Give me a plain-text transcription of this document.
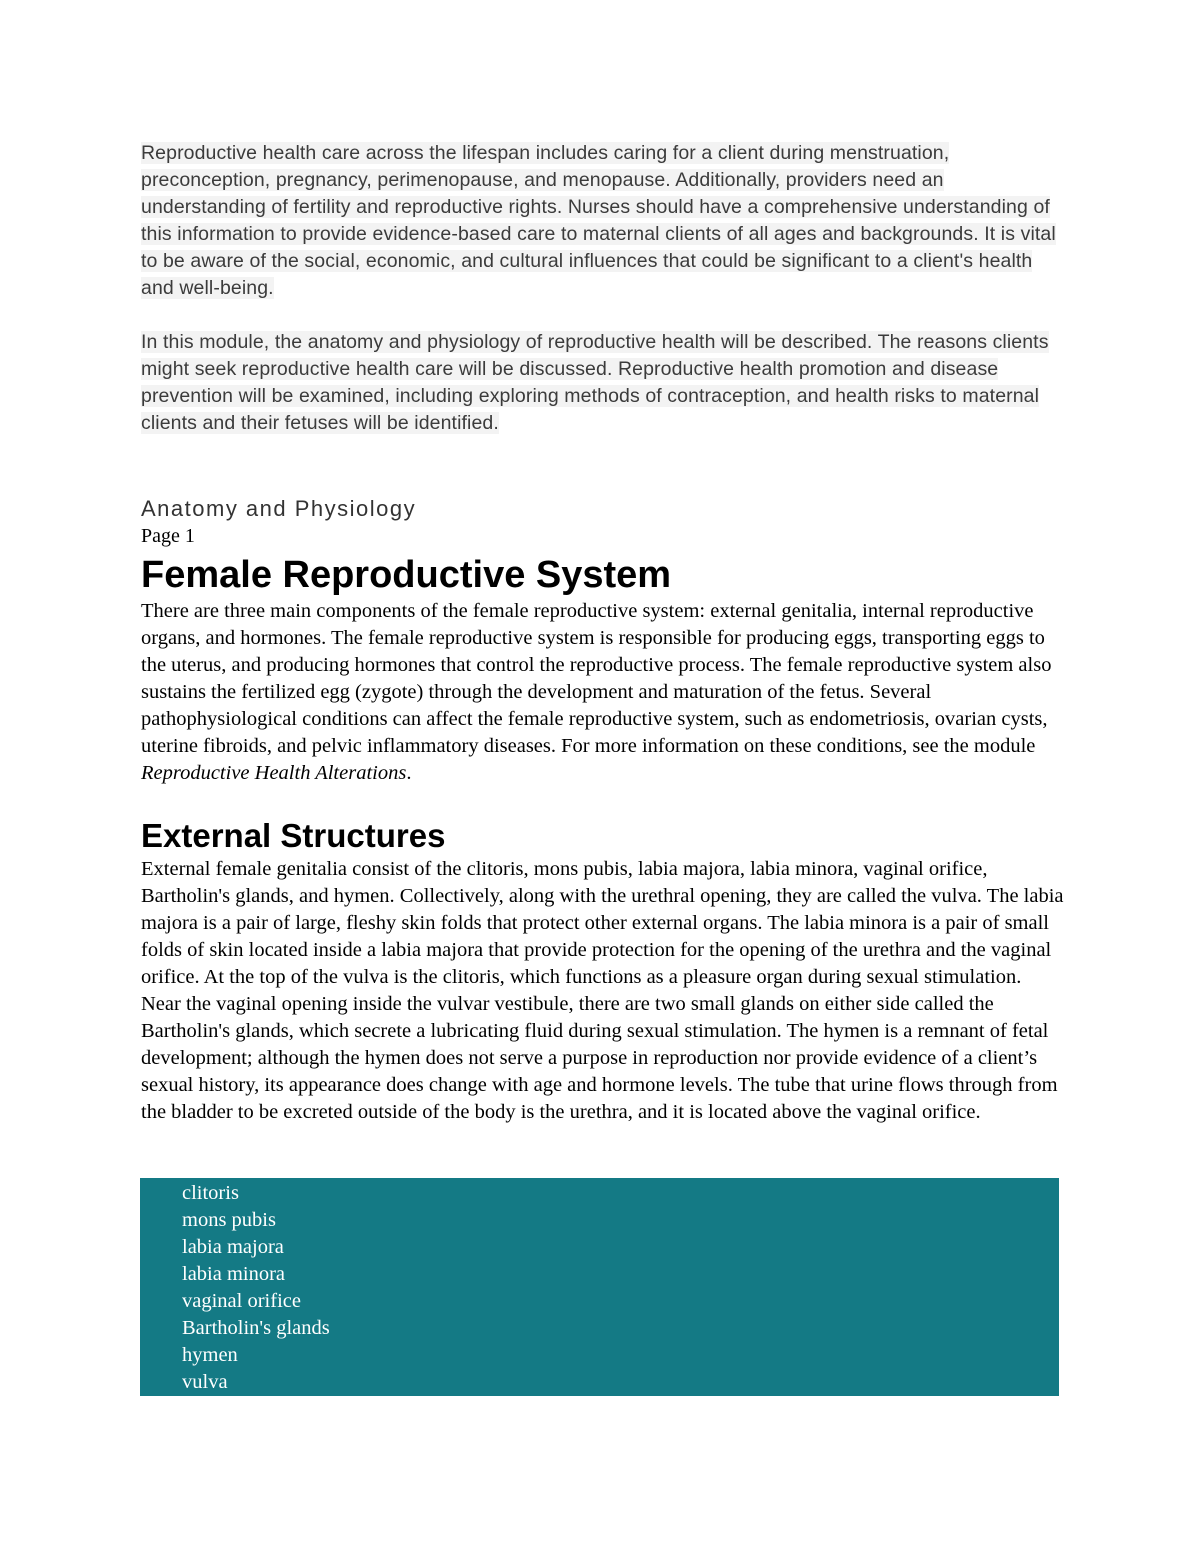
Reproductive health care across the lifespan includes caring for a client during menstruation, preconception, pregnancy, perimenopause, and menopause. Additionally, providers need an understanding of fertility and reproductive rights. Nurses should have a comprehensive understanding of this information to provide evidence-based care to maternal clients of all ages and backgrounds. It is vital to be aware of the social, economic, and cultural influences that could be significant to a client's health and well-being.

In this module, the anatomy and physiology of reproductive health will be described. The reasons clients might seek reproductive health care will be discussed. Reproductive health promotion and disease prevention will be examined, including exploring methods of contraception, and health risks to maternal clients and their fetuses will be identified.

Anatomy and Physiology

Page 1

Female Reproductive System

There are three main components of the female reproductive system: external genitalia, internal reproductive organs, and hormones. The female reproductive system is responsible for producing eggs, transporting eggs to the uterus, and producing hormones that control the reproductive process. The female reproductive system also sustains the fertilized egg (zygote) through the development and maturation of the fetus. Several pathophysiological conditions can affect the female reproductive system, such as endometriosis, ovarian cysts, uterine fibroids, and pelvic inflammatory diseases. For more information on these conditions, see the module Reproductive Health Alterations.

External Structures

External female genitalia consist of the clitoris, mons pubis, labia majora, labia minora, vaginal orifice, Bartholin's glands, and hymen. Collectively, along with the urethral opening, they are called the vulva. The labia majora is a pair of large, fleshy skin folds that protect other external organs. The labia minora is a pair of small folds of skin located inside a labia majora that provide protection for the opening of the urethra and the vaginal orifice. At the top of the vulva is the clitoris, which functions as a pleasure organ during sexual stimulation. Near the vaginal opening inside the vulvar vestibule, there are two small glands on either side called the Bartholin's glands, which secrete a lubricating fluid during sexual stimulation. The hymen is a remnant of fetal development; although the hymen does not serve a purpose in reproduction nor provide evidence of a client’s sexual history, its appearance does change with age and hormone levels. The tube that urine flows through from the bladder to be excreted outside of the body is the urethra, and it is located above the vaginal orifice.

clitoris
mons pubis
labia majora
labia minora
vaginal orifice
Bartholin's glands
hymen
vulva
